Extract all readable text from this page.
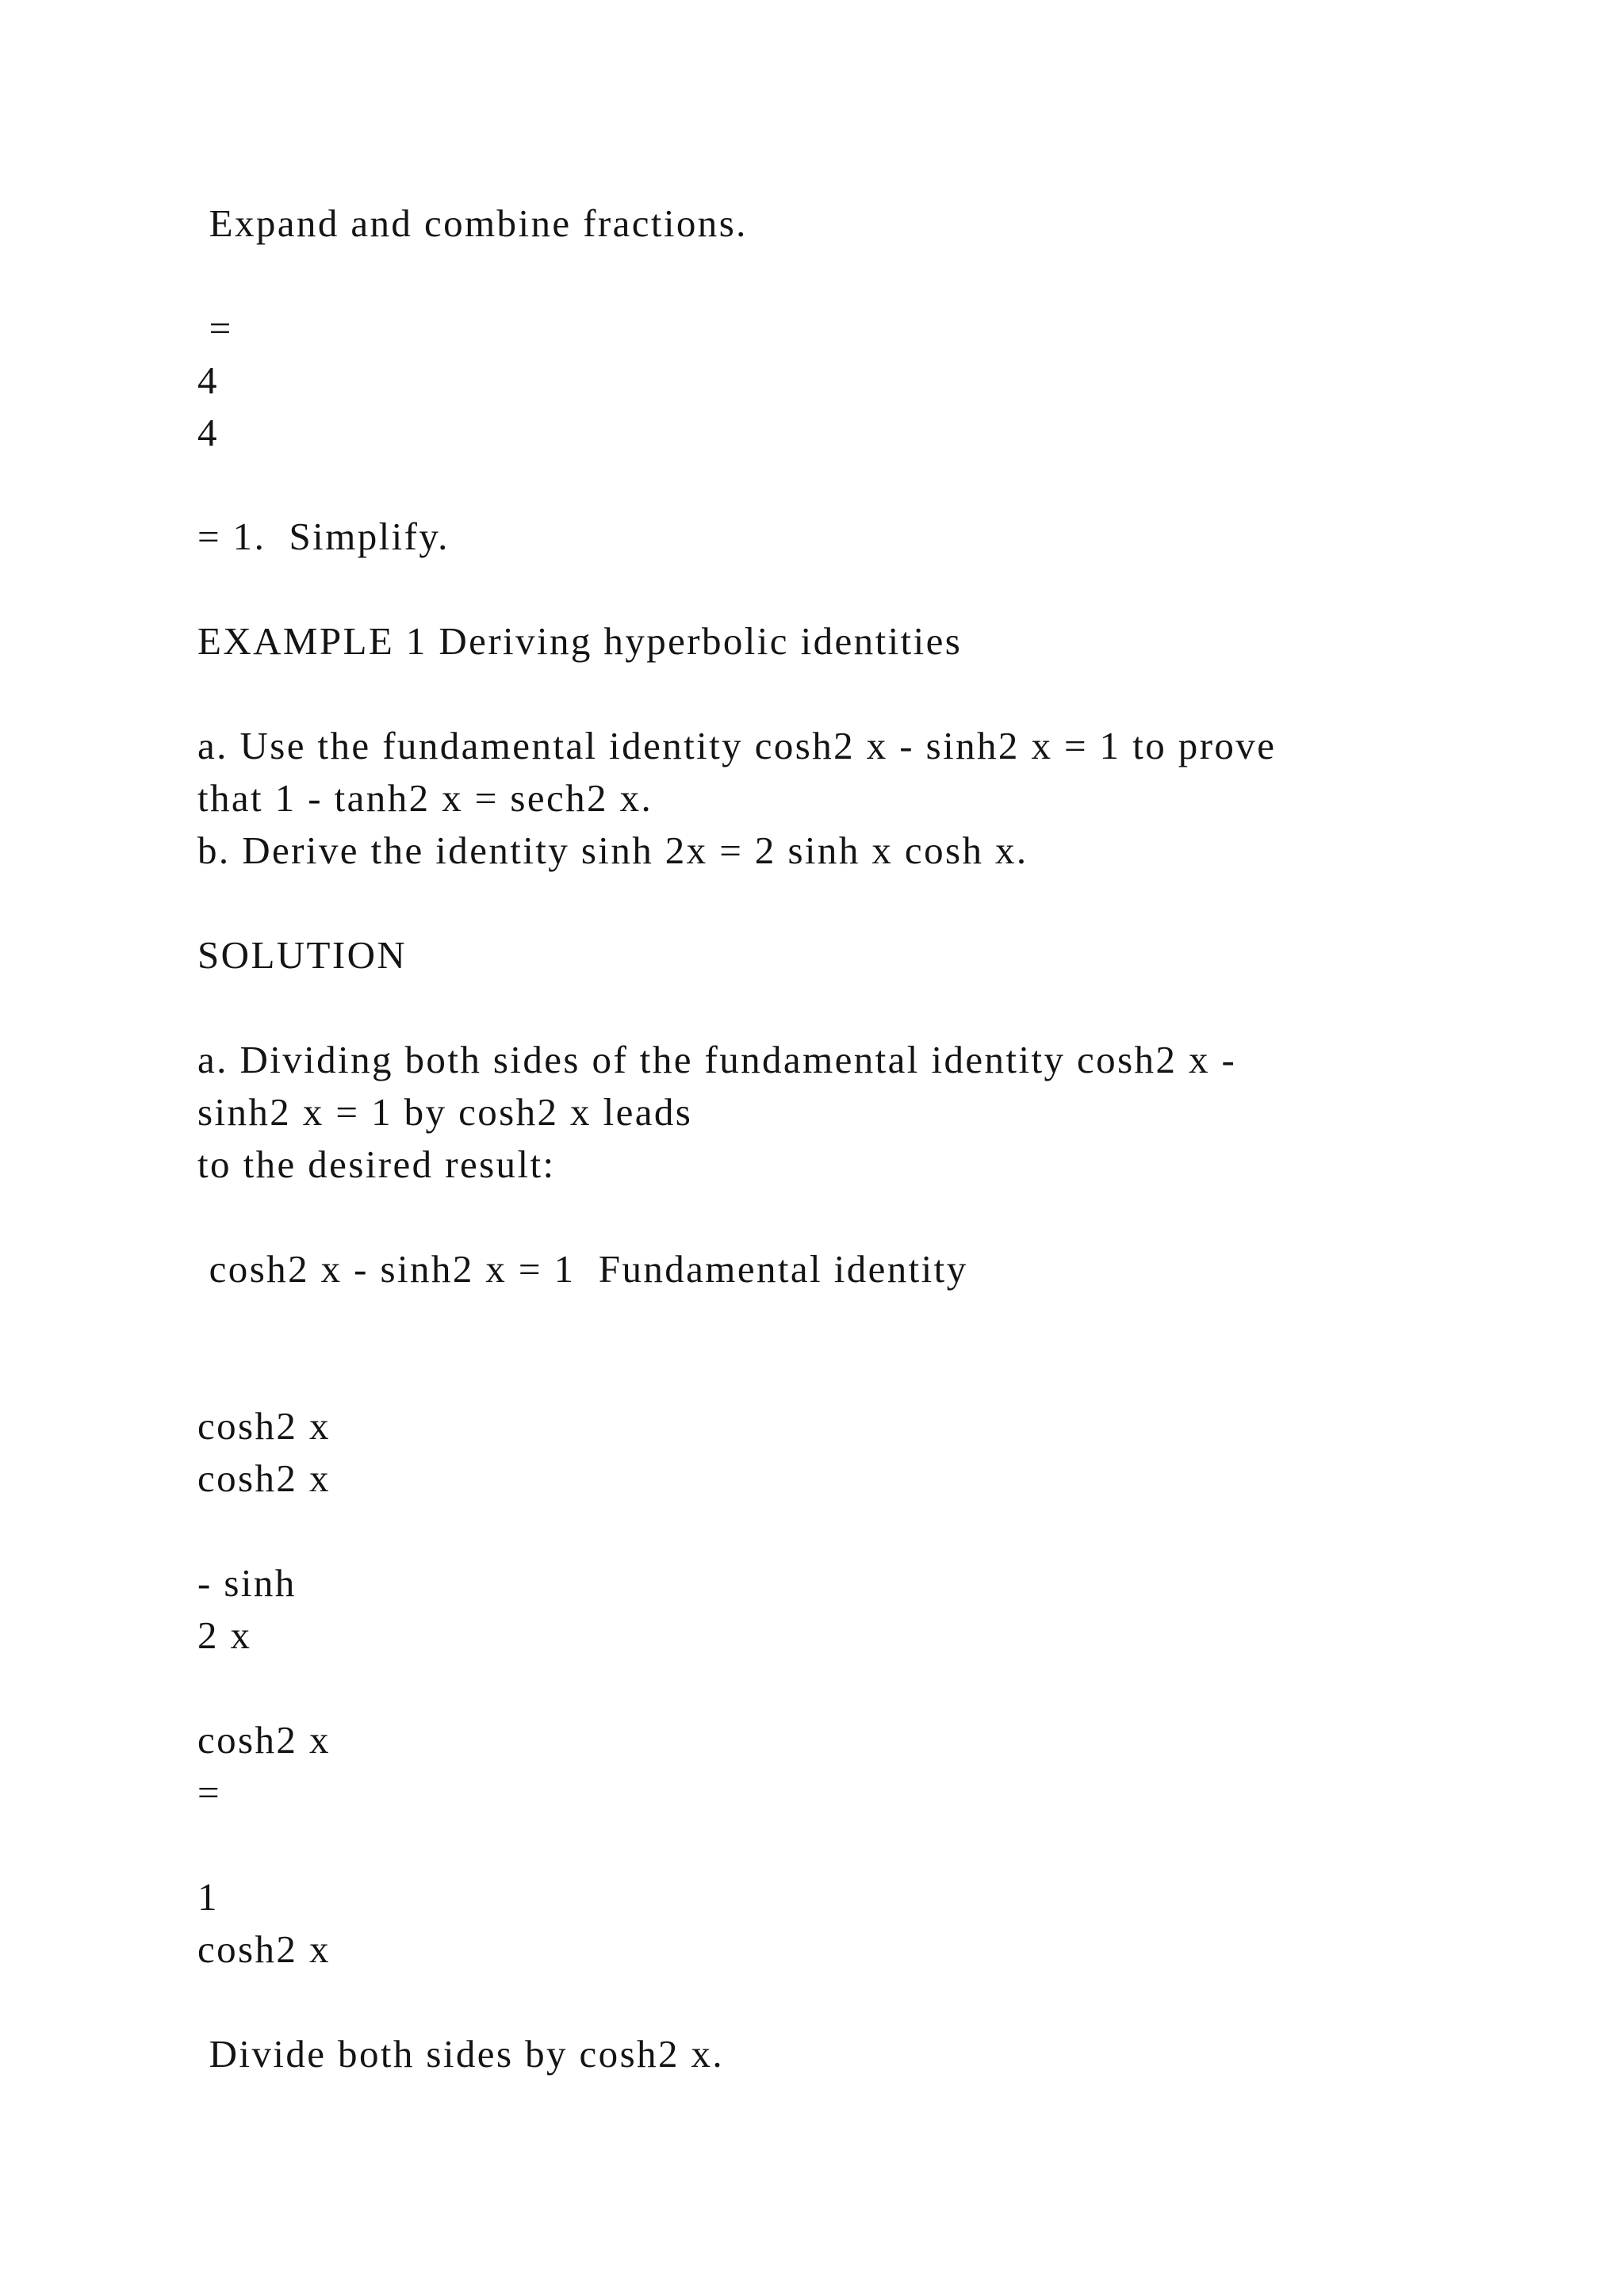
Expand and combine fractions.

=

4

4

= 1.  Simplify.

EXAMPLE 1 Deriving hyperbolic identities

a. Use the fundamental identity cosh2 x - sinh2 x = 1 to prove

that 1 - tanh2 x = sech2 x.

b. Derive the identity sinh 2x = 2 sinh x cosh x.

SOLUTION

a. Dividing both sides of the fundamental identity cosh2 x -

sinh2 x = 1 by cosh2 x leads

to the desired result:

cosh2 x - sinh2 x = 1  Fundamental identity

cosh2 x

cosh2 x

- sinh

2 x

cosh2 x

=

1

cosh2 x

Divide both sides by cosh2 x.
